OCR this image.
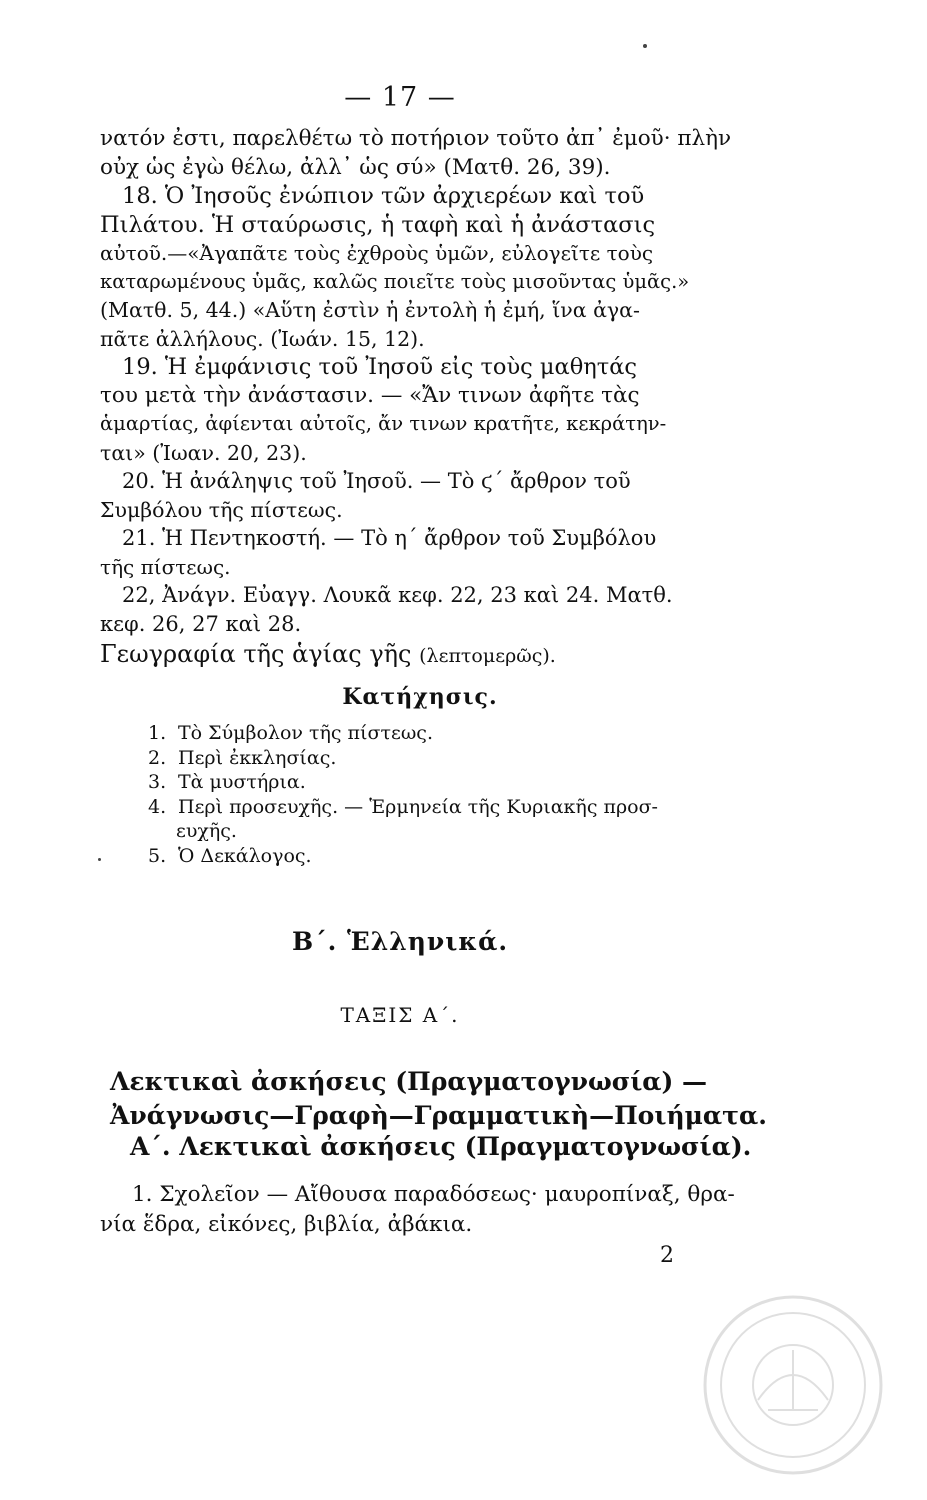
— 17 —
νατόν ἐστι, παρελθέτω τὸ ποτήριον τοῦτο ἀπ᾽ ἐμοῦ· πλὴν
οὐχ ὡς ἐγὼ θέλω, ἀλλ᾽ ὡς σύ» (Ματθ. 26, 39).
18. Ὁ Ἰησοῦς ἐνώπιον τῶν ἀρχιερέων καὶ τοῦ
Πιλάτου. Ἡ σταύρωσις, ἡ ταφὴ καὶ ἡ ἀνάστασις
αὐτοῦ.—«Ἀγαπᾶτε τοὺς ἐχθροὺς ὑμῶν, εὐλογεῖτε τοὺς
καταρωμένους ὑμᾶς, καλῶς ποιεῖτε τοὺς μισοῦντας ὑμᾶς.»
(Ματθ. 5, 44.) «Αὕτη ἐστὶν ἡ ἐντολὴ ἡ ἐμή, ἵνα ἀγα-
πᾶτε ἀλλήλους. (Ἰωάν. 15, 12).
19. Ἡ ἐμφάνισις τοῦ Ἰησοῦ εἰς τοὺς μαθητάς
του μετὰ τὴν ἀνάστασιν. — «Ἄν τινων ἀφῆτε τὰς
ἁμαρτίας, ἀφίενται αὐτοῖς, ἄν τινων κρατῆτε, κεκράτην-
ται» (Ἰωαν. 20, 23).
20. Ἡ ἀνάληψις τοῦ Ἰησοῦ. — Τὸ ϛ´ ἄρθρον τοῦ
Συμβόλου τῆς πίστεως.
21. Ἡ Πεντηκοστή. — Τὸ η´ ἄρθρον τοῦ Συμβόλου
τῆς πίστεως.
22, Ἀνάγν. Εὐαγγ. Λουκᾶ κεφ. 22, 23 καὶ 24. Ματθ.
κεφ. 26, 27 καὶ 28.
Γεωγραφία τῆς ἁγίας γῆς (λεπτομερῶς).
Κατήχησις.
1. Τὸ Σύμβολον τῆς πίστεως.
2. Περὶ ἐκκλησίας.
3. Τὰ μυστήρια.
4. Περὶ προσευχῆς. — Ἑρμηνεία τῆς Κυριακῆς προσ-
ευχῆς.
5. Ὁ Δεκάλογος.
Β´. Ἑλληνικά.
ΤΑΞΙΣ Α´.
Λεκτικαὶ ἀσκήσεις (Πραγματογνωσία) —
Ἀνάγνωσις—Γραφὴ—Γραμματικὴ—Ποιήματα.
Α´. Λεκτικαὶ ἀσκήσεις (Πραγματογνωσία).
1. Σχολεῖον — Αἴθουσα παραδόσεως· μαυροπίναξ, θρα-
νία ἕδρα, εἰκόνες, βιβλία, ἀβάκια.
2
